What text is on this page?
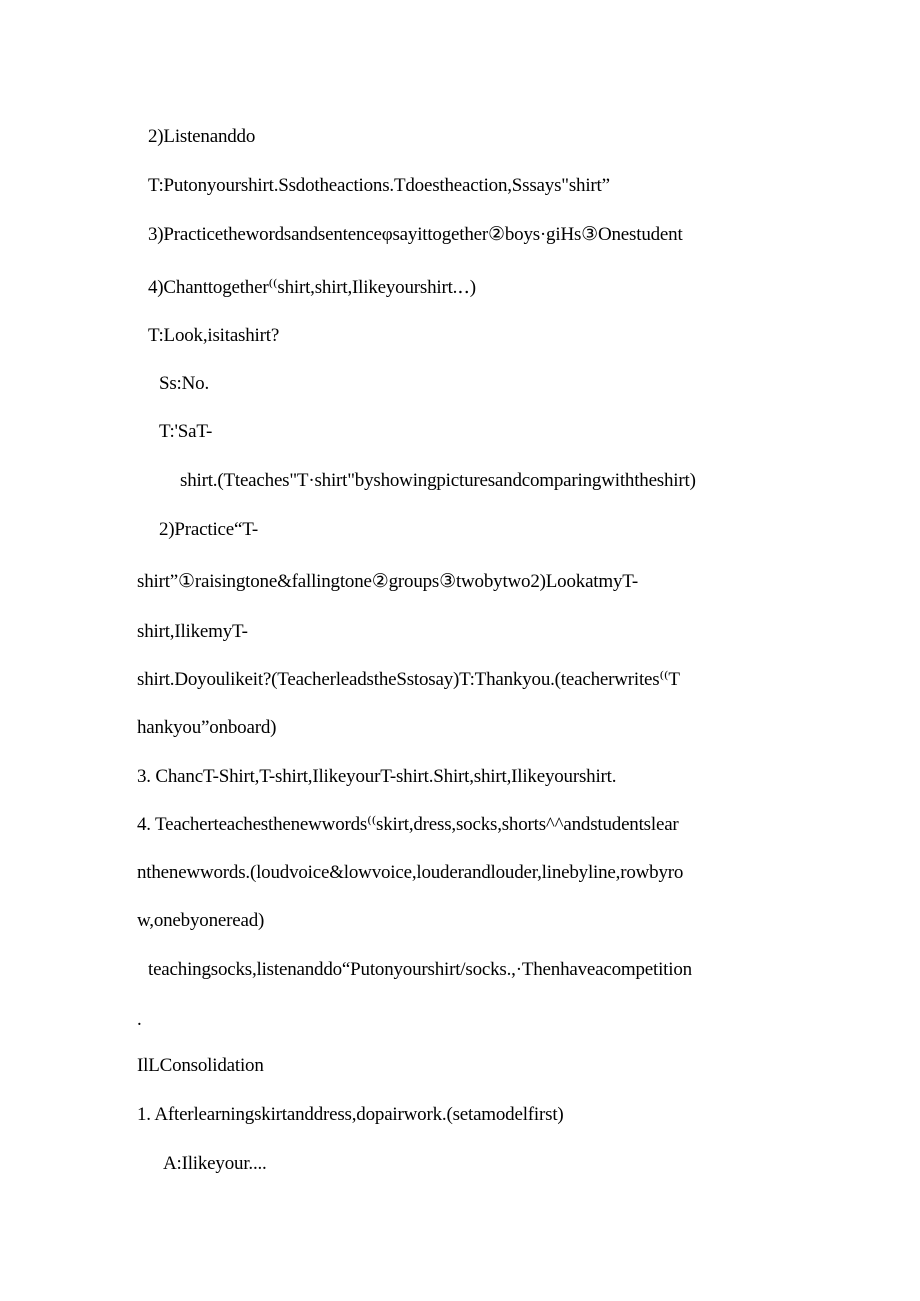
2)Listenanddo
T:Putonyourshirt.Ssdotheactions.Tdoestheaction,Sssays"shirt”
3)Practicethewordsandsentenceφsayittogether②boys·giHs③Onestudent
4)Chanttogether⁽⁽shirt,shirt,Ilikeyourshirt.‥)
T:Look,isitashirt?
Ss:No.
T:'SaT-
shirt.(Tteaches"T·shirt"byshowingpicturesandcomparingwiththeshirt)
2)Practice“T-
shirt”①raisingtone&fallingtone②groups③twobytwo2)LookatmyT-
shirt,IlikemyT-
shirt.Doyoulikeit?(TeacherleadstheSstosay)T:Thankyou.(teacherwrites⁽⁽T
hankyou”onboard)
3. ChancT-Shirt,T-shirt,IlikeyourT-shirt.Shirt,shirt,Ilikeyourshirt.
4. Teacherteachesthenewwords⁽⁽skirt,dress,socks,shorts^^andstudentslear
nthenewwords.(loudvoice&lowvoice,louderandlouder,linebyline,rowbyro
w,onebyoneread)
teachingsocks,listenanddo“Putonyourshirt/socks.,·Thenhaveacompetition
.
IlLConsolidation
1. Afterlearningskirtanddress,dopairwork.(setamodelfirst)
A:Ilikeyour....
